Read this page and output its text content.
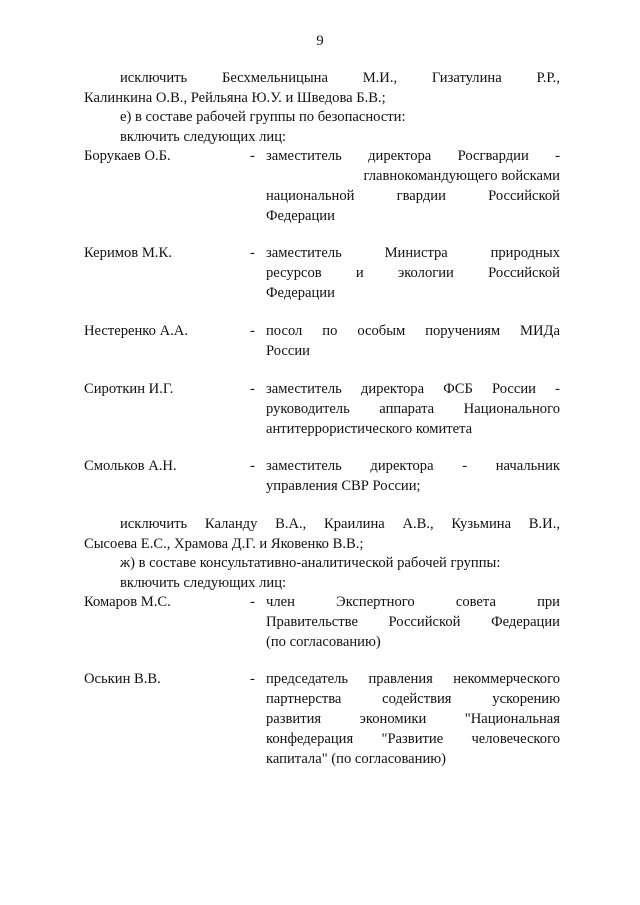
9
исключить Бесхмельницына М.И., Гизатулина Р.Р.,
Калинкина О.В., Рейльяна Ю.У. и Шведова Б.В.;
е) в составе рабочей группы по безопасности:
включить следующих лиц:
Борукаев О.Б.	- заместитель директора Росгвардии -
главнокомандующего войсками
национальной гвардии Российской
Федерации
Керимов М.К.	- заместитель Министра природных
ресурсов и экологии Российской
Федерации
Нестеренко А.А.	- посол по особым поручениям МИДа
России
Сироткин И.Г.	- заместитель директора ФСБ России -
руководитель аппарата Национального
антитеррористического комитета
Смольков А.Н.	- заместитель директора - начальник
управления СВР России;
исключить Каланду В.А., Краилина А.В., Кузьмина В.И.,
Сысоева Е.С., Храмова Д.Г. и Яковенко В.В.;
ж) в составе консультативно-аналитической рабочей группы:
включить следующих лиц:
Комаров М.С.	- член Экспертного совета при
Правительстве Российской Федерации
(по согласованию)
Оськин В.В.	- председатель правления некоммерческого
партнерства содействия ускорению
развития экономики "Национальная
конфедерация "Развитие человеческого
капитала" (по согласованию)
